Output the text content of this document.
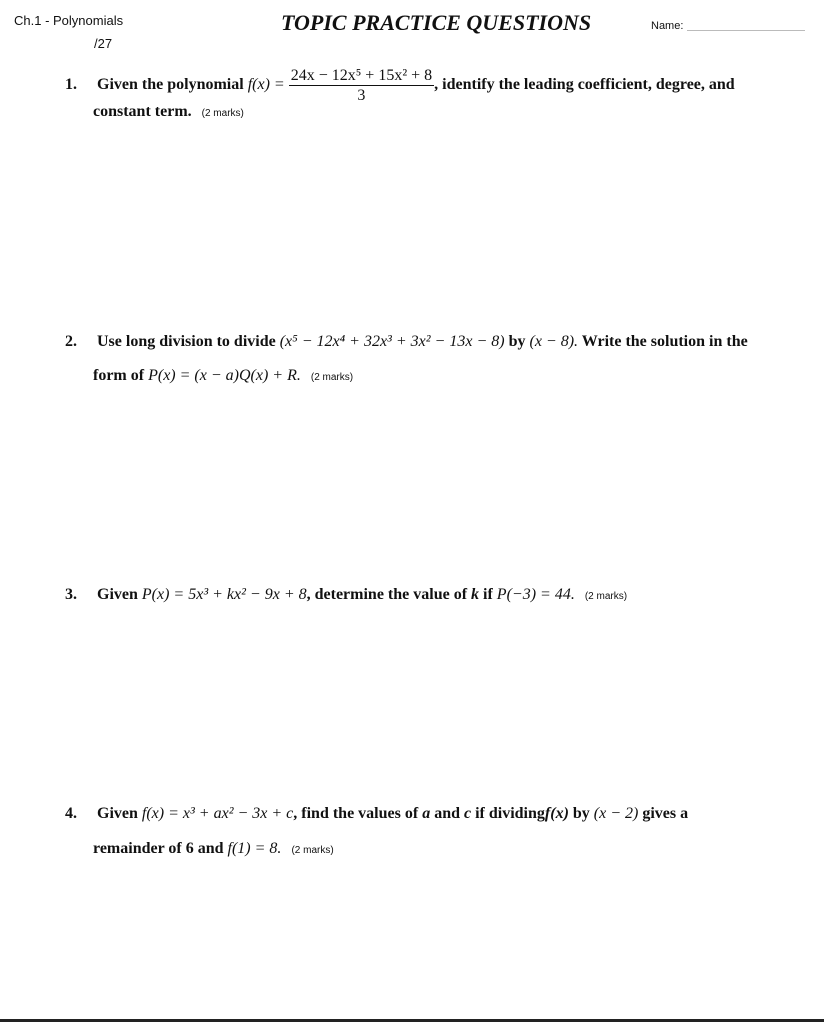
Ch.1 - Polynomials
/27
TOPIC PRACTICE QUESTIONS	Name:
1. Given the polynomial $f(x) = \frac{\text{24x − 12x⁵ + 15x² + 8}}{3}$ , identify the leading coefficient, degree, and
constant term. (2 marks)
2. Use long division to divide (x⁵ − 12x⁴ + 32x³ + 3x² − 13x − 8) by (x − 8). Write the solution in the
form of P(x) = (x − a)Q(x) + R. (2 marks)
3. Given P(x) = 5x³ + kx² − 9x + 8, determine the value of k if P(−3) = 44. (2 marks)
4. Given f(x) = x³ + ax² − 3x + c, find the values of a and c if dividingf(x) by (x − 2) gives a
remainder of 6 and f(1) = 8. (2 marks)
